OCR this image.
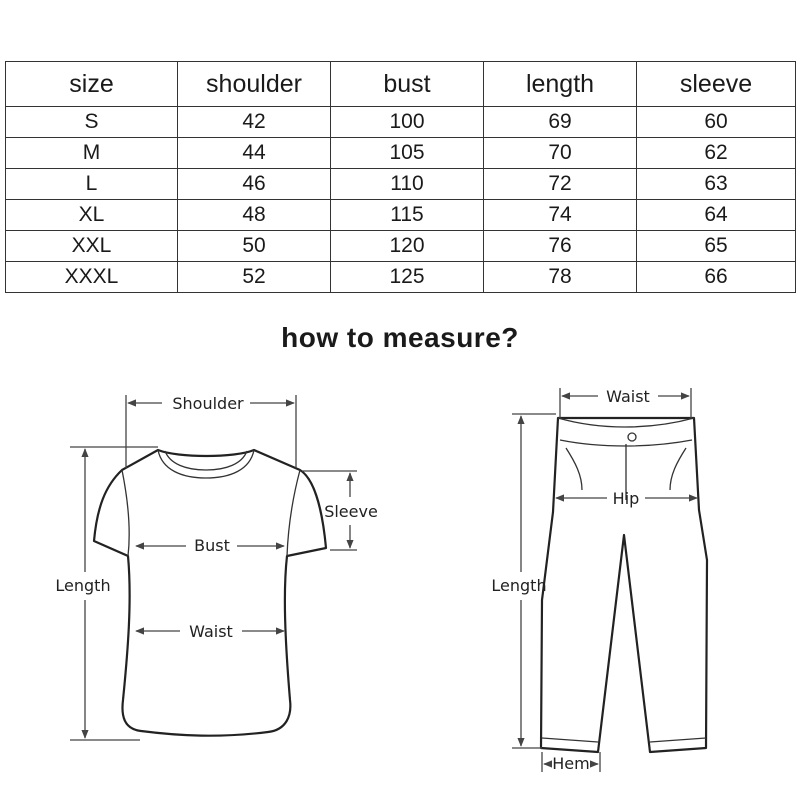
size	shoulder	bust	length	sleeve
S	42	100	69	60
M	44	105	70	62
L	46	110	72	63
XL	48	115	74	64
XXL	50	120	76	65
XXXL	52	125	78	66
how to measure?
Shoulder
Sleeve
Bust
Waist
Length
Waist
Hip
Length
Hem
